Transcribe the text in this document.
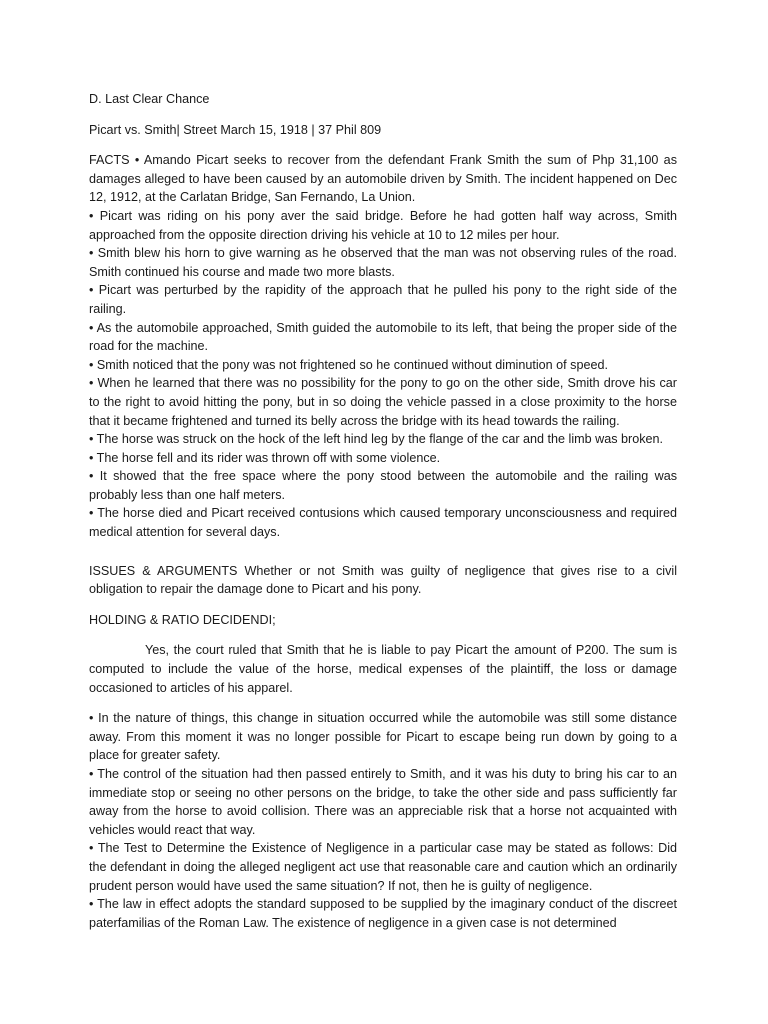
D. Last Clear Chance
Picart vs. Smith| Street March 15, 1918 | 37 Phil 809

FACTS • Amando Picart seeks to recover from the defendant Frank Smith the sum of Php 31,100 as damages alleged to have been caused by an automobile driven by Smith. The incident happened on Dec 12, 1912, at the Carlatan Bridge, San Fernando, La Union.

• Picart was riding on his pony aver the said bridge. Before he had gotten half way across, Smith approached from the opposite direction driving his vehicle at 10 to 12 miles per hour.

• Smith blew his horn to give warning as he observed that the man was not observing rules of the road. Smith continued his course and made two more blasts.

• Picart was perturbed by the rapidity of the approach that he pulled his pony to the right side of the railing.

• As the automobile approached, Smith guided the automobile to its left, that being the proper side of the road for the machine.

• Smith noticed that the pony was not frightened so he continued without diminution of speed.

• When he learned that there was no possibility for the pony to go on the other side, Smith drove his car to the right to avoid hitting the pony, but in so doing the vehicle passed in a close proximity to the horse that it became frightened and turned its belly across the bridge with its head towards the railing.

• The horse was struck on the hock of the left hind leg by the flange of the car and the limb was broken.

• The horse fell and its rider was thrown off with some violence.

• It showed that the free space where the pony stood between the automobile and the railing was probably less than one half meters.

• The horse died and Picart received contusions which caused temporary unconsciousness and required medical attention for several days.

ISSUES & ARGUMENTS Whether or not Smith was guilty of negligence that gives rise to a civil obligation to repair the damage done to Picart and his pony.

HOLDING & RATIO DECIDENDI;

Yes, the court ruled that Smith that he is liable to pay Picart the amount of P200. The sum is computed to include the value of the horse, medical expenses of the plaintiff, the loss or damage occasioned to articles of his apparel.

• In the nature of things, this change in situation occurred while the automobile was still some distance away. From this moment it was no longer possible for Picart to escape being run down by going to a place for greater safety.

• The control of the situation had then passed entirely to Smith, and it was his duty to bring his car to an immediate stop or seeing no other persons on the bridge, to take the other side and pass sufficiently far away from the horse to avoid collision. There was an appreciable risk that a horse not acquainted with vehicles would react that way.

• The Test to Determine the Existence of Negligence in a particular case may be stated as follows: Did the defendant in doing the alleged negligent act use that reasonable care and caution which an ordinarily prudent person would have used the same situation? If not, then he is guilty of negligence.

• The law in effect adopts the standard supposed to be supplied by the imaginary conduct of the discreet paterfamilias of the Roman Law. The existence of negligence in a given case is not determined
